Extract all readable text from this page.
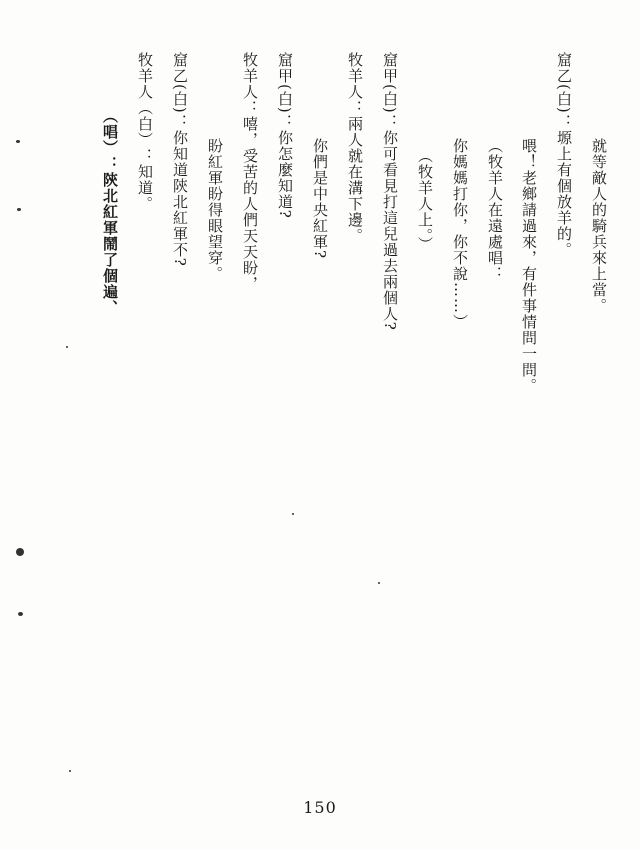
就等敵人的騎兵來上當。
窟乙(白)：塬上有個放羊的。
喂！老鄉請過來，有件事情問一問。
（牧羊人在遠處唱：
你媽媽打你，你不說……）
（牧羊人上。）
窟甲(白)：你可看見打這兒過去兩個人?
牧羊人：兩人就在溝下邊。
你們是中央紅軍?
窟甲(白)：你怎麼知道?
牧羊人：嘻，受苦的人們天天盼，
盼紅軍盼得眼望穿。
窟乙(白)：你知道陝北紅軍不?
牧羊人（白）：知道。
（唱）：陝北紅軍鬧了個遍、
150
